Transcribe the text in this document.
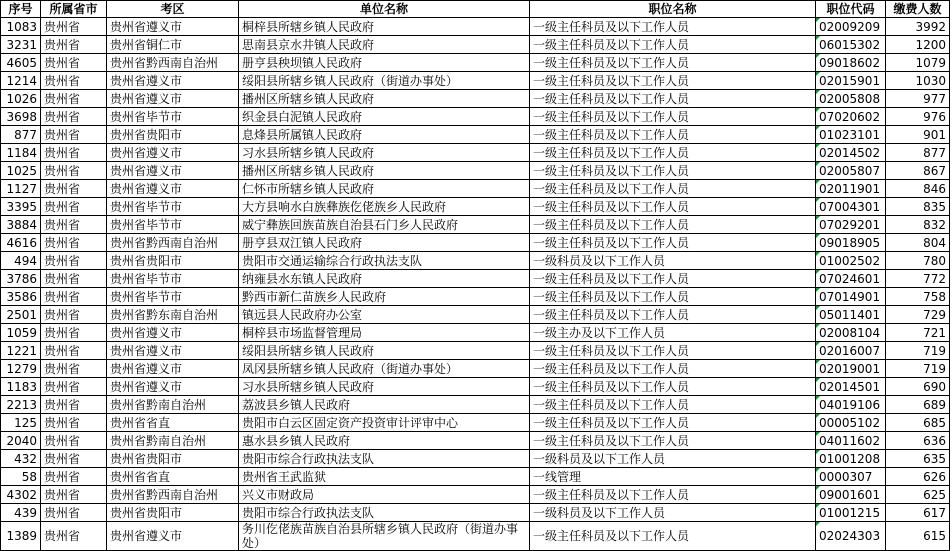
序号	所属省市	考区	单位名称	职位名称	职位代码	缴费人数
1083	贵州省	贵州省遵义市	桐梓县所辖乡镇人民政府	一级主任科员及以下工作人员	02009209	3992
3231	贵州省	贵州省铜仁市	思南县京水井镇人民政府	一级主任科员及以下工作人员	06015302	1200
4605	贵州省	贵州省黔西南自治州	册亨县秧坝镇人民政府	一级主任科员及以下工作人员	09018602	1079
1214	贵州省	贵州省遵义市	绥阳县所辖乡镇人民政府（街道办事处）	一级主任科员及以下工作人员	02015901	1030
1026	贵州省	贵州省遵义市	播州区所辖乡镇人民政府	一级主任科员及以下工作人员	02005808	977
3698	贵州省	贵州省毕节市	织金县白泥镇人民政府	一级主任科员及以下工作人员	07020602	976
877	贵州省	贵州省贵阳市	息烽县所属镇人民政府	一级主任科员及以下工作人员	01023101	901
1184	贵州省	贵州省遵义市	习水县所辖乡镇人民政府	一级主任科员及以下工作人员	02014502	877
1025	贵州省	贵州省遵义市	播州区所辖乡镇人民政府	一级主任科员及以下工作人员	02005807	867
1127	贵州省	贵州省遵义市	仁怀市所辖乡镇人民政府	一级主任科员及以下工作人员	02011901	846
3395	贵州省	贵州省毕节市	大方县响水白族彝族仡佬族乡人民政府	一级主任科员及以下工作人员	07004301	835
3884	贵州省	贵州省毕节市	威宁彝族回族苗族自治县石门乡人民政府	一级主任科员及以下工作人员	07029201	832
4616	贵州省	贵州省黔西南自治州	册亨县双江镇人民政府	一级主任科员及以下工作人员	09018905	804
494	贵州省	贵州省贵阳市	贵阳市交通运输综合行政执法支队	一级科员及以下工作人员	01002502	780
3786	贵州省	贵州省毕节市	纳雍县水东镇人民政府	一级主任科员及以下工作人员	07024601	772
3586	贵州省	贵州省毕节市	黔西市新仁苗族乡人民政府	一级主任科员及以下工作人员	07014901	758
2501	贵州省	贵州省黔东南自治州	镇远县人民政府办公室	一级主任科员及以下工作人员	05011401	729
1059	贵州省	贵州省遵义市	桐梓县市场监督管理局	一级主办及以下工作人员	02008104	721
1221	贵州省	贵州省遵义市	绥阳县所辖乡镇人民政府	一级主任科员及以下工作人员	02016007	719
1279	贵州省	贵州省遵义市	凤冈县所辖乡镇人民政府（街道办事处）	一级主任科员及以下工作人员	02019001	719
1183	贵州省	贵州省遵义市	习水县所辖乡镇人民政府	一级主任科员及以下工作人员	02014501	690
2213	贵州省	贵州省黔南自治州	荔波县乡镇人民政府	一级主任科员及以下工作人员	04019106	689
125	贵州省	贵州省省直	贵阳市白云区固定资产投资审计评审中心	一级主任科员及以下工作人员	00005102	685
2040	贵州省	贵州省黔南自治州	惠水县乡镇人民政府	一级主任科员及以下工作人员	04011602	636
432	贵州省	贵州省贵阳市	贵阳市综合行政执法支队	一级科员及以下工作人员	01001208	635
58	贵州省	贵州省省直	贵州省王武监狱	一线管理	0000307	626
4302	贵州省	贵州省黔西南自治州	兴义市财政局	一级主任科员及以下工作人员	09001601	625
439	贵州省	贵州省贵阳市	贵阳市综合行政执法支队	一级科员及以下工作人员	01001215	617
1389	贵州省	贵州省遵义市	务川仡佬族苗族自治县所辖乡镇人民政府（街道办事处）	一级主任科员及以下工作人员	02024303	615
